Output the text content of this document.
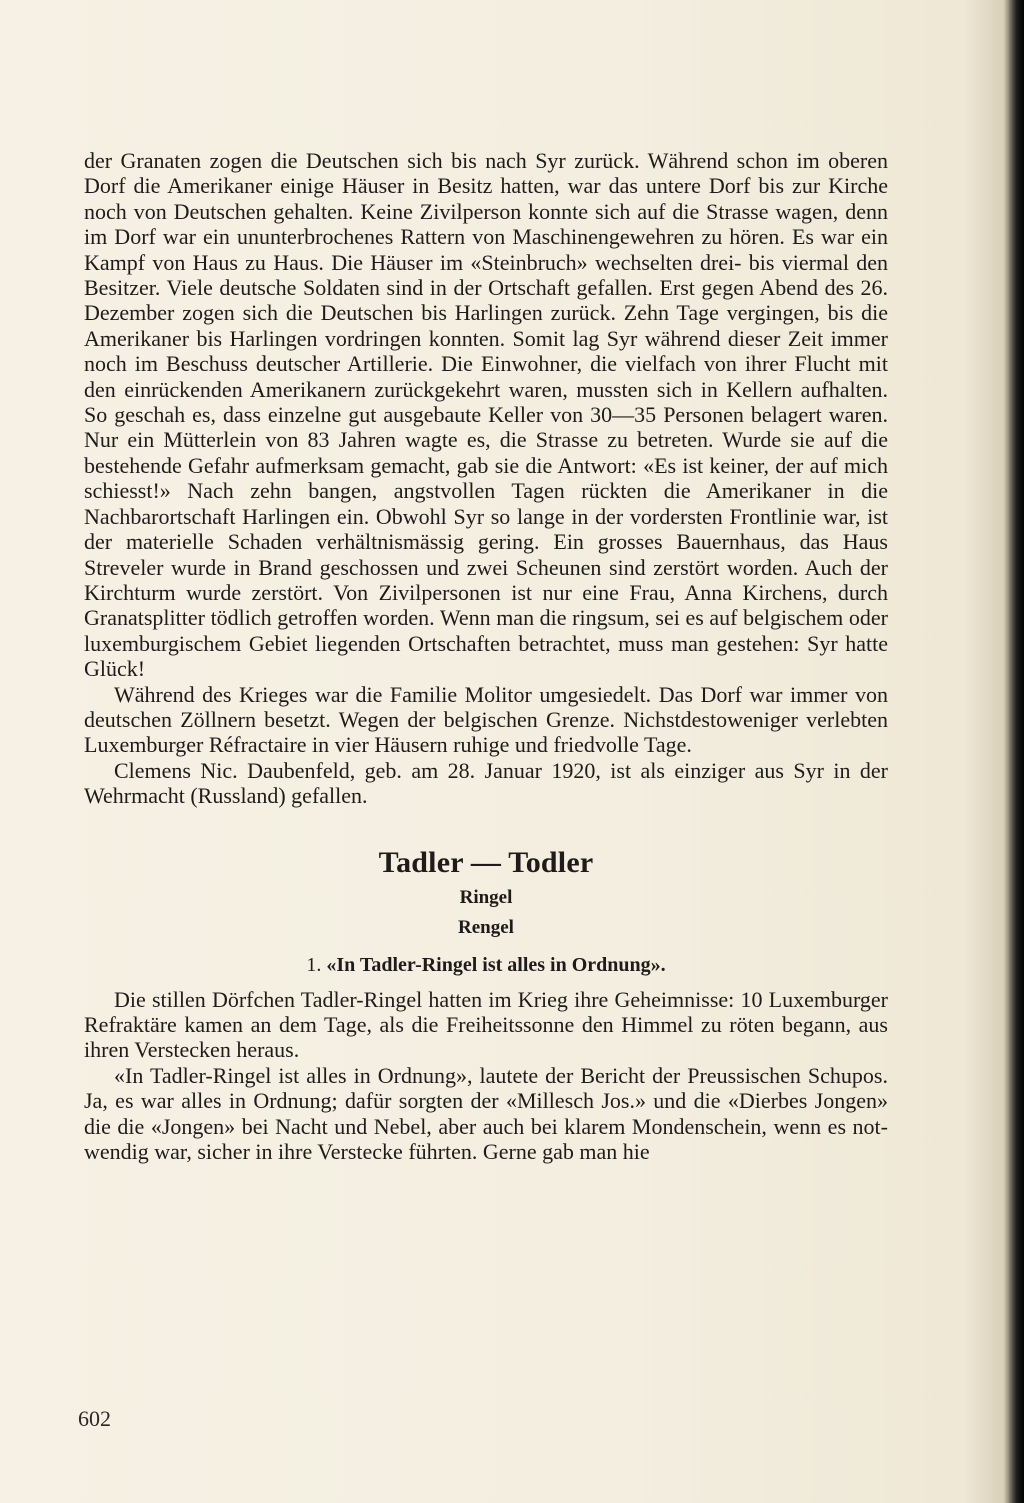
der Granaten zogen die Deutschen sich bis nach Syr zurück. Während schon im oberen Dorf die Amerikaner einige Häuser in Besitz hatten, war das untere Dorf bis zur Kirche noch von Deutschen gehalten. Keine Zivilperson konnte sich auf die Strasse wagen, denn im Dorf war ein ununterbrochenes Rattern von Maschinengewehren zu hören. Es war ein Kampf von Haus zu Haus. Die Häuser im «Steinbruch» wechselten drei- bis viermal den Besitzer. Viele deutsche Soldaten sind in der Ortschaft gefallen. Erst gegen Abend des 26. Dezember zogen sich die Deutschen bis Harlingen zurück. Zehn Tage vergingen, bis die Amerikaner bis Harlingen vordringen konnten. Somit lag Syr während dieser Zeit immer noch im Beschuss deutscher Artillerie. Die Einwohner, die vielfach von ihrer Flucht mit den einrückenden Amerikanern zurückgekehrt waren, mussten sich in Kellern aufhalten. So geschah es, dass einzelne gut ausgebaute Keller von 30—35 Personen belagert waren. Nur ein Mütterlein von 83 Jahren wagte es, die Strasse zu betreten. Wurde sie auf die bestehende Gefahr aufmerksam gemacht, gab sie die Antwort: «Es ist keiner, der auf mich schiesst!» Nach zehn bangen, angstvollen Tagen rückten die Amerikaner in die Nachbarortschaft Harlingen ein. Obwohl Syr so lange in der vordersten Frontlinie war, ist der materielle Schaden verhältnismässig gering. Ein grosses Bauernhaus, das Haus Streveler wurde in Brand geschossen und zwei Scheunen sind zerstört worden. Auch der Kirchturm wurde zerstört. Von Zivilpersonen ist nur eine Frau, Anna Kirchens, durch Granatsplitter tödlich getroffen worden. Wenn man die ringsum, sei es auf belgischem oder luxemburgischem Gebiet liegenden Ortschaften betrachtet, muss man gestehen: Syr hatte Glück!

Während des Krieges war die Familie Molitor umgesiedelt. Das Dorf war immer von deutschen Zöllnern besetzt. Wegen der belgischen Grenze. Nichstdestoweniger verlebten Luxemburger Réfractaire in vier Häusern ruhige und friedvolle Tage.

Clemens Nic. Daubenfeld, geb. am 28. Januar 1920, ist als einziger aus Syr in der Wehrmacht (Russland) gefallen.

Tadler — Todler
Ringel
Rengel
1. «In Tadler-Ringel ist alles in Ordnung».

Die stillen Dörfchen Tadler-Ringel hatten im Krieg ihre Geheimnisse: 10 Luxemburger Refraktäre kamen an dem Tage, als die Freiheitssonne den Himmel zu röten begann, aus ihren Verstecken heraus.

«In Tadler-Ringel ist alles in Ordnung», lautete der Bericht der Preussischen Schupos. Ja, es war alles in Ordnung; dafür sorgten der «Millesch Jos.» und die «Dierbes Jongen» die die «Jongen» bei Nacht und Nebel, aber auch bei klarem Mondenschein, wenn es notwendig war, sicher in ihre Verstecke führten. Gerne gab man hie

602
